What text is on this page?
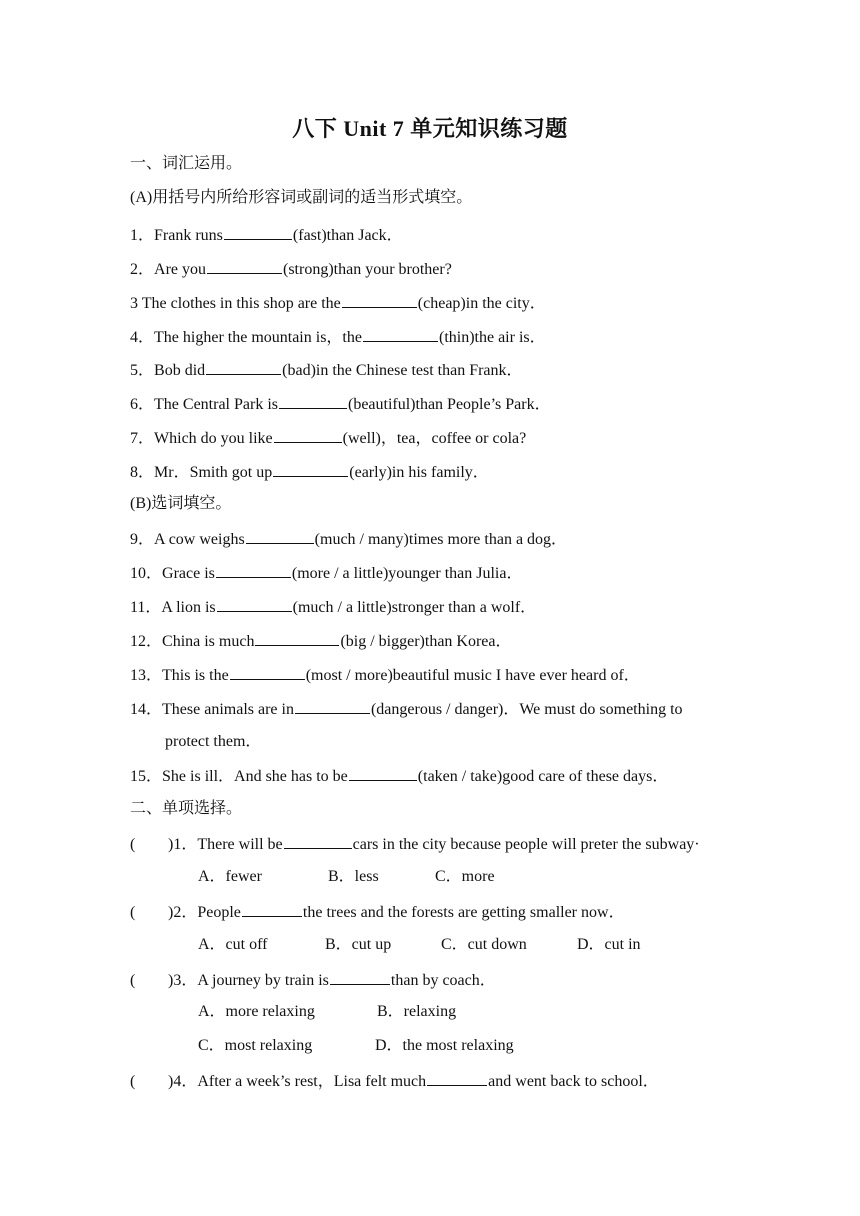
八下 Unit 7 单元知识练习题
一、词汇运用。
(A)用括号内所给形容词或副词的适当形式填空。
1．Frank runs	(fast)than Jack．
2．Are you	(strong)than your brother?
3 The clothes in this shop are the	(cheap)in the city．
4．The higher the mountain is，the	(thin)the air is．
5．Bob did	(bad)in the Chinese test than Frank．
6．The Central Park is	(beautiful)than People’s Park．
7．Which do you like	(well)，tea，coffee or cola?
8．Mr．Smith got up	(early)in his family．
(B)选词填空。
9．A cow weighs	(much / many)times more than a dog．
10．Grace is	(more / a little)younger than Julia．
11．A lion is	(much / a little)stronger than a wolf．
12．China is much	(big / bigger)than Korea．
13．This is the	(most / more)beautiful music I have ever heard of．
14．These animals are in	(dangerous / danger)．We must do something to
protect them．
15．She is ill．And she has to be	(taken / take)good care of these days．
二、单项选择。
( )1．There will be	cars in the city because people will preter the subway·
A．fewer	B．less	C．more
( )2．People	the trees and the forests are getting smaller now．
A．cut off	B．cut up	C．cut down	D．cut in
( )3．A journey by train is	than by coach．
A．more relaxing	B．relaxing
C．most relaxing	D．the most relaxing
( )4．After a week’s rest，Lisa felt much	and went back to school．
